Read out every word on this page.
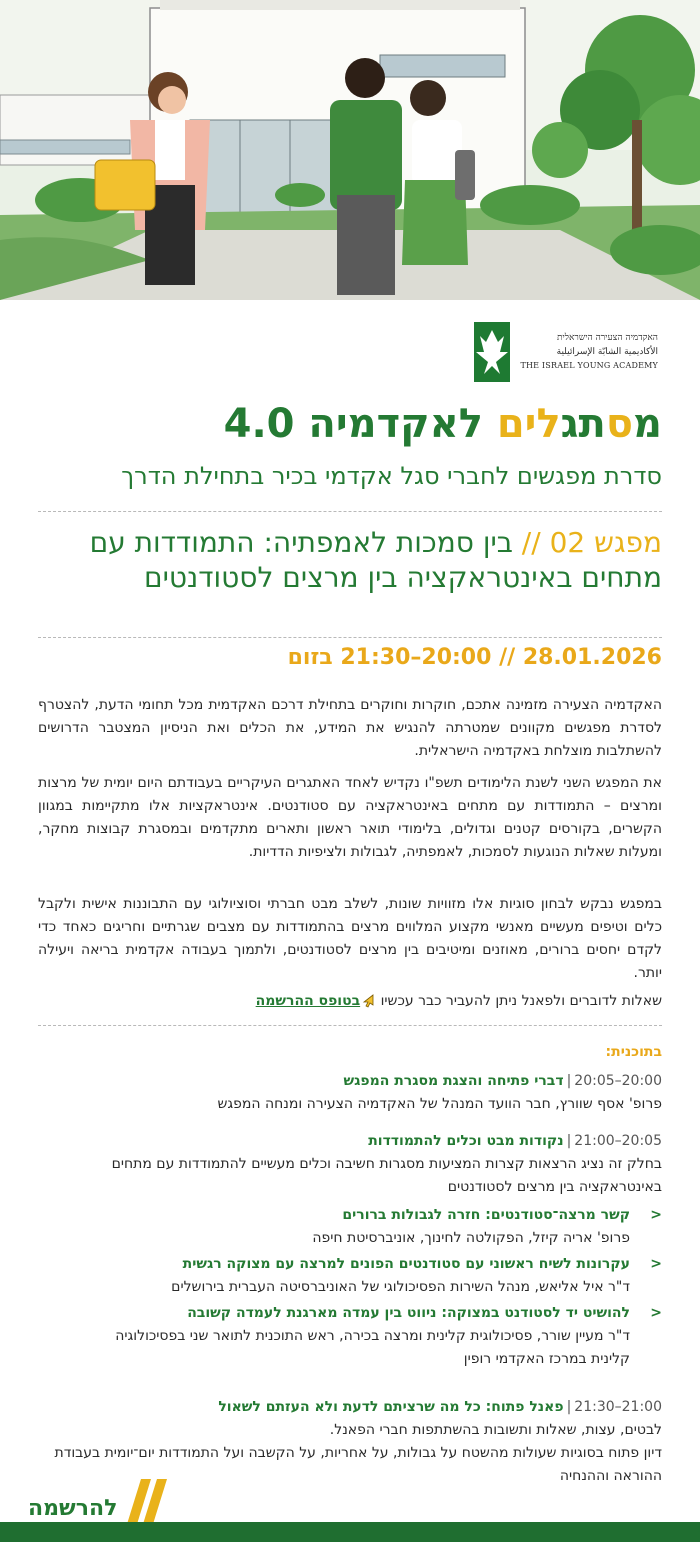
האקדמיה הצעירה הישראלית
الأكاديمية الشابّة الإسرائيلية
THE ISRAEL YOUNG ACADEMY
מסתגלים לאקדמיה 4.0
סדרת מפגשים לחברי סגל אקדמי בכיר בתחילת הדרך
מפגש 02 // בין סמכות לאמפתיה: התמודדות עם מתחים באינטראקציה בין מרצים לסטודנטים
28.01.2026 // 20:00–21:30 בזום
האקדמיה הצעירה מזמינה אתכם, חוקרות וחוקרים בתחילת דרכם האקדמית מכל תחומי הדעת, להצטרף לסדרת מפגשים מקוונים שמטרתה להנגיש את המידע, את הכלים ואת הניסיון המצטבר הדרושים להשתלבות מוצלחת באקדמיה הישראלית.
את המפגש השני לשנת הלימודים תשפ"ו נקדיש לאחד האתגרים העיקריים בעבודתם היום יומית של מרצות ומרצים – התמודדות עם מתחים באינטראקציה עם סטודנטים. אינטראקציות אלו מתקיימות במגוון הקשרים, בקורסים קטנים וגדולים, בלימודי תואר ראשון ותארים מתקדמים ובמסגרת קבוצות מחקר, ומעלות שאלות הנוגעות לסמכות, לאמפתיה, לגבולות ולציפיות הדדיות.
במפגש נבקש לבחון סוגיות אלו מזוויות שונות, לשלב מבט חברתי וסוציולוגי עם התבוננות אישית ולקבל כלים וטיפים מעשיים מאנשי מקצוע המלווים מרצים בהתמודדות עם מצבים שגרתיים וחריגים כאחד כדי לקדם יחסים ברורים, מאוזנים ומיטיבים בין מרצים לסטודנטים, ולתמוך בעבודה אקדמית בריאה ויעילה יותר.
שאלות לדוברים ולפאנל ניתן להעביר כבר עכשיו בטופס ההרשמה
בתוכנית:
20:00–20:05|דברי פתיחה והצגת מסגרת המפגש
פרופ' אסף שוורץ, חבר הוועד המנהל של האקדמיה הצעירה ומנחה המפגש
20:05–21:00|נקודות מבט וכלים להתמודדות
בחלק זה נציג הרצאות קצרות המציעות מסגרות חשיבה וכלים מעשיים להתמודדות עם מתחים באינטראקציה בין מרצים לסטודנטים
<
קשר מרצה־סטודנטים: חזרה לגבולות ברורים
פרופ' אריה קיזל, הפקולטה לחינוך, אוניברסיטת חיפה
<
עקרונות לשיח ראשוני עם סטודנטים הפונים למרצה עם מצוקה רגשית
ד"ר איל אליאש, מנהל השירות הפסיכולוגי של האוניברסיטה העברית בירושלים
<
להושיט יד לסטודנט במצוקה: ניווט בין עמדה מארגנת לעמדה קשובה
ד"ר מעיין שורר, פסיכולוגית קלינית ומרצה בכירה, ראש התוכנית לתואר שני בפסיכולוגיה קלינית במרכז האקדמי רופין
21:00–21:30|פאנל פתוח: כל מה שרציתם לדעת ולא העזתם לשאול
לבטים, עצות, שאלות ותשובות בהשתתפות חברי הפאנל.
דיון פתוח בסוגיות שעולות מהשטח על גבולות, על אחריות, על הקשבה ועל התמודדות יום־יומית בעבודת ההוראה וההנחיה
להרשמה
